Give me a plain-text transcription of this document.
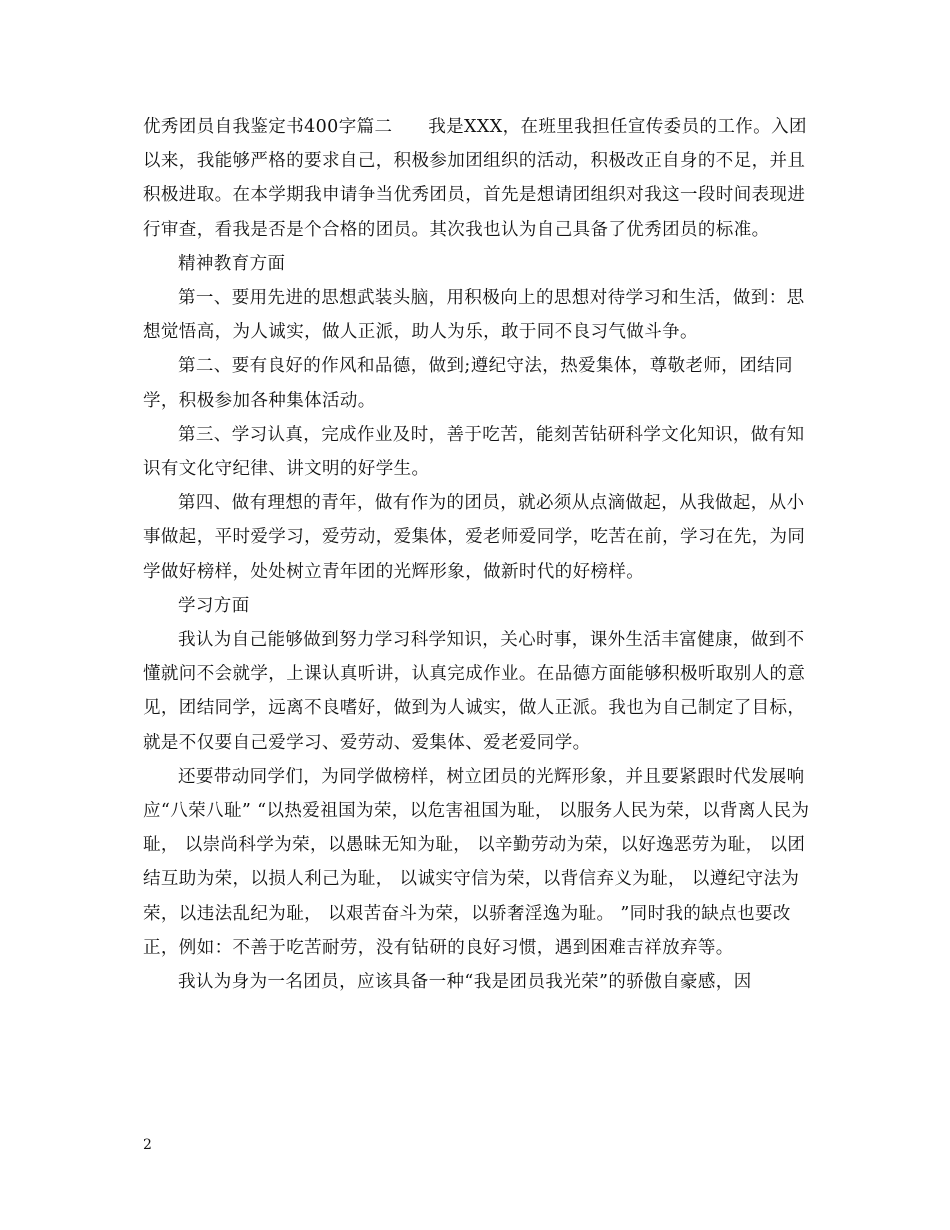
优秀团员自我鉴定书400字篇二　　我是XXX，在班里我担任宣传委员的工作。入团以来，我能够严格的要求自己，积极参加团组织的活动，积极改正自身的不足，并且积极进取。在本学期我申请争当优秀团员，首先是想请团组织对我这一段时间表现进行审查，看我是否是个合格的团员。其次我也认为自己具备了优秀团员的标准。

精神教育方面

第一、要用先进的思想武装头脑，用积极向上的思想对待学习和生活，做到：思想觉悟高，为人诚实，做人正派，助人为乐，敢于同不良习气做斗争。

第二、要有良好的作风和品德，做到;遵纪守法，热爱集体，尊敬老师，团结同学，积极参加各种集体活动。

第三、学习认真，完成作业及时，善于吃苦，能刻苦钻研科学文化知识，做有知识有文化守纪律、讲文明的好学生。

第四、做有理想的青年，做有作为的团员，就必须从点滴做起，从我做起，从小事做起，平时爱学习，爱劳动，爱集体，爱老师爱同学，吃苦在前，学习在先，为同学做好榜样，处处树立青年团的光辉形象，做新时代的好榜样。

学习方面

我认为自己能够做到努力学习科学知识，关心时事，课外生活丰富健康，做到不懂就问不会就学，上课认真听讲，认真完成作业。在品德方面能够积极听取别人的意见，团结同学，远离不良嗜好，做到为人诚实，做人正派。我也为自己制定了目标，就是不仅要自己爱学习、爱劳动、爱集体、爱老爱同学。

还要带动同学们，为同学做榜样，树立团员的光辉形象，并且要紧跟时代发展响应“八荣八耻” “以热爱祖国为荣，以危害祖国为耻， 以服务人民为荣，以背离人民为耻， 以崇尚科学为荣，以愚昧无知为耻， 以辛勤劳动为荣，以好逸恶劳为耻， 以团结互助为荣，以损人利己为耻， 以诚实守信为荣，以背信弃义为耻， 以遵纪守法为荣，以违法乱纪为耻， 以艰苦奋斗为荣，以骄奢淫逸为耻。 ”同时我的缺点也要改正，例如：不善于吃苦耐劳，没有钻研的良好习惯，遇到困难吉祥放弃等。

我认为身为一名团员，应该具备一种“我是团员我光荣”的骄傲自豪感，因

2
